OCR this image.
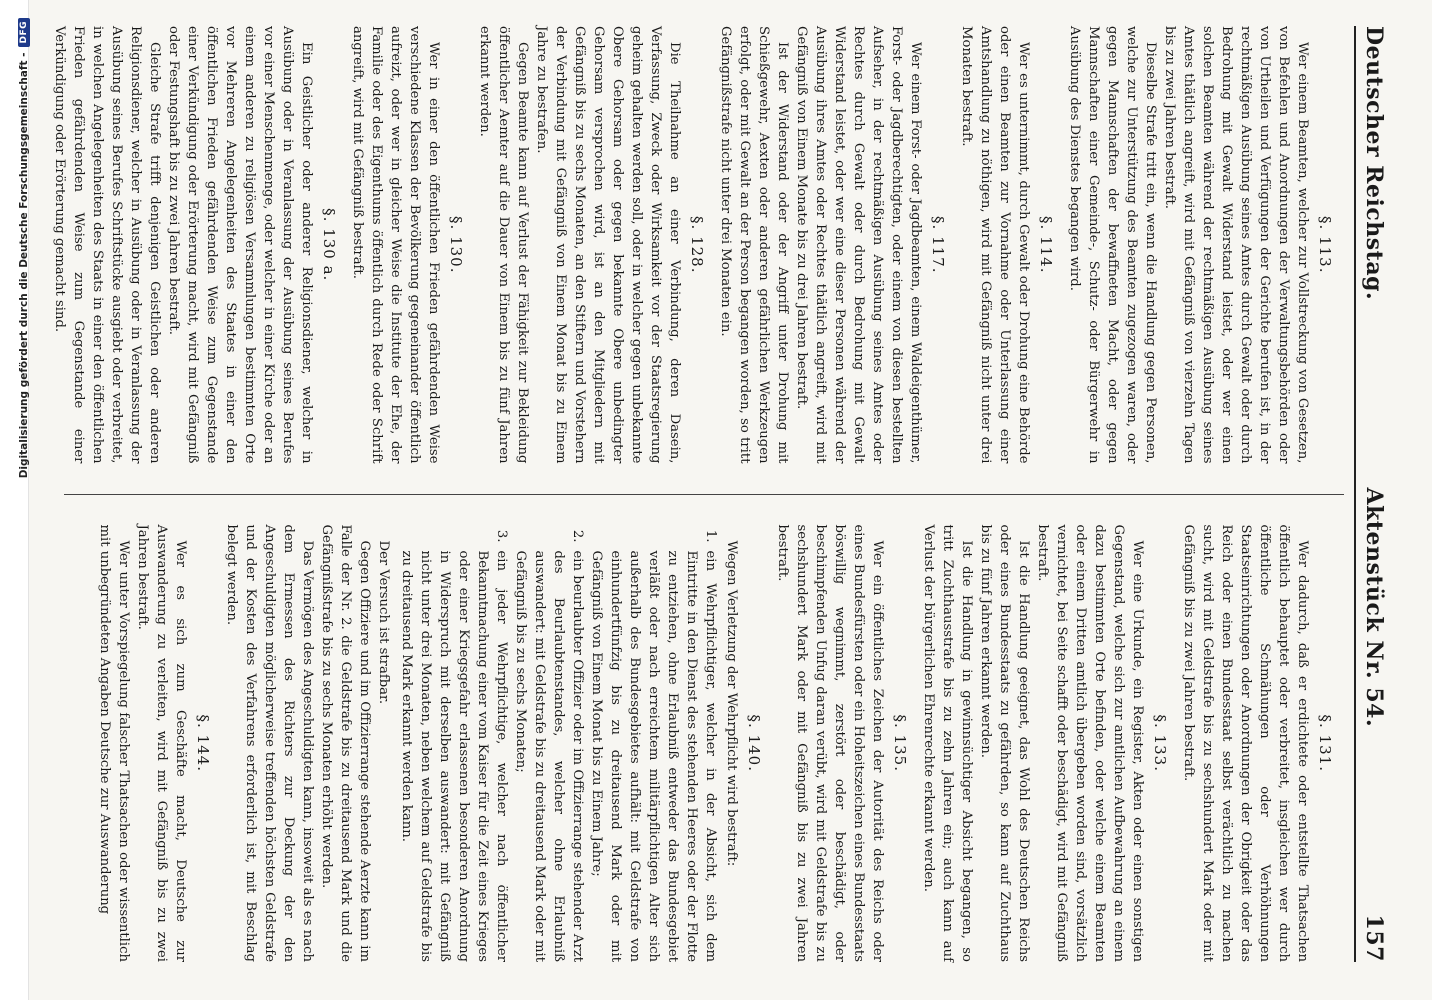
Digitalisierung gefördert durch die Deutsche Forschungsgemeinschaft -
DFG	Deutscher Reichstag.
Aktenstück Nr. 54.
157
§. 113.

Wer einem Beamten, welcher zur Vollstreckung von Gesetzen, von Befehlen und Anordnungen der Verwaltungsbehörden oder von Urtheilen und Verfügungen der Gerichte berufen ist, in der rechtmäßigen Ausübung seines Amtes durch Gewalt oder durch Bedrohung mit Gewalt Widerstand leistet, oder wer einen solchen Beamten während der rechtmäßigen Ausübung seines Amtes thätlich angreift, wird mit Gefängniß von vierzehn Tagen bis zu zwei Jahren bestraft.

Dieselbe Strafe tritt ein, wenn die Handlung gegen Personen, welche zur Unterstützung des Beamten zugezogen waren, oder gegen Mannschaften der bewaffneten Macht, oder gegen Mannschaften einer Gemeinde-, Schutz- oder Bürgerwehr in Ausübung des Dienstes begangen wird.

§. 114.

Wer es unternimmt, durch Gewalt oder Drohung eine Behörde oder einen Beamten zur Vornahme oder Unterlassung einer Amtshandlung zu nöthigen, wird mit Gefängniß nicht unter drei Monaten bestraft.

§. 117.

Wer einem Forst- oder Jagdbeamten, einem Waldeigenthümer, Forst- oder Jagdberechtigten, oder einem von diesen bestellten Aufseher, in der rechtmäßigen Ausübung seines Amtes oder Rechtes durch Gewalt oder durch Bedrohung mit Gewalt Widerstand leistet, oder wer eine dieser Personen während der Ausübung ihres Amtes oder Rechtes thätlich angreift, wird mit Gefängniß von Einem Monate bis zu drei Jahren bestraft.

Ist der Widerstand oder der Angriff unter Drohung mit Schießgewehr, Aexten oder anderen gefährlichen Werkzeugen erfolgt, oder mit Gewalt an der Person begangen worden, so tritt Gefängnißstrafe nicht unter drei Monaten ein.

§. 128.

Die Theilnahme an einer Verbindung, deren Dasein, Verfassung, Zweck oder Wirksamkeit vor der Staatsregierung geheim gehalten werden soll, oder in welcher gegen unbekannte Obere Gehorsam oder gegen bekannte Obere unbedingter Gehorsam versprochen wird, ist an den Mitgliedern mit Gefängniß bis zu sechs Monaten, an den Stiftern und Vorstehern der Verbindung mit Gefängniß von Einem Monat bis zu Einem Jahre zu bestrafen.

Gegen Beamte kann auf Verlust der Fähigkeit zur Bekleidung öffentlicher Aemter auf die Dauer von Einem bis zu fünf Jahren erkannt werden.

§. 130.

Wer in einer den öffentlichen Frieden gefährdenden Weise verschiedene Klassen der Bevölkerung gegeneinander öffentlich aufreizt, oder wer in gleicher Weise die Institute der Ehe, der Familie oder des Eigenthums öffentlich durch Rede oder Schrift angreift, wird mit Gefängniß bestraft.

§. 130 a.

Ein Geistlicher oder anderer Religionsdiener, welcher in Ausübung oder in Veranlassung der Ausübung seines Berufes vor einer Menschenmenge, oder welcher in einer Kirche oder an einem anderen zu religiösen Versammlungen bestimmten Orte vor Mehreren Angelegenheiten des Staates in einer den öffentlichen Frieden gefährdenden Weise zum Gegenstande einer Verkündigung oder Erörterung macht, wird mit Gefängniß oder Festungshaft bis zu zwei Jahren bestraft.

Gleiche Strafe trifft denjenigen Geistlichen oder anderen Religionsdiener, welcher in Ausübung oder in Veranlassung der Ausübung seines Berufes Schriftstücke ausgiebt oder verbreitet, in welchen Angelegenheiten des Staats in einer den öffentlichen Frieden gefährdenden Weise zum Gegenstande einer Verkündigung oder Erörterung gemacht sind.

§. 131.

Wer dadurch, daß er erdichtete oder entstellte Thatsachen öffentlich behauptet oder verbreitet, insgleichen wer durch öffentliche Schmähungen oder Verhöhnungen Staatseinrichtungen oder Anordnungen der Obrigkeit oder das Reich oder einen Bundesstaat selbst verächtlich zu machen sucht, wird mit Geldstrafe bis zu sechshundert Mark oder mit Gefängniß bis zu zwei Jahren bestraft.

§. 133.

Wer eine Urkunde, ein Register, Akten oder einen sonstigen Gegenstand, welche sich zur amtlichen Aufbewahrung an einem dazu bestimmten Orte befinden, oder welche einem Beamten oder einem Dritten amtlich übergeben worden sind, vorsätzlich vernichtet, bei Seite schafft oder beschädigt, wird mit Gefängniß bestraft.

Ist die Handlung geeignet, das Wohl des Deutschen Reichs oder eines Bundesstaats zu gefährden, so kann auf Zuchthaus bis zu fünf Jahren erkannt werden.

Ist die Handlung in gewinnsüchtiger Absicht begangen, so tritt Zuchthausstrafe bis zu zehn Jahren ein; auch kann auf Verlust der bürgerlichen Ehrenrechte erkannt werden.

§. 135.

Wer ein öffentliches Zeichen der Autorität des Reichs oder eines Bundesfürsten oder ein Hoheitszeichen eines Bundesstaats böswillig wegnimmt, zerstört oder beschädigt, oder beschimpfenden Unfug daran verübt, wird mit Geldstrafe bis zu sechshundert Mark oder mit Gefängniß bis zu zwei Jahren bestraft.

§. 140.

Wegen Verletzung der Wehrpflicht wird bestraft:

1.
ein Wehrpflichtiger, welcher in der Absicht, sich dem Eintritte in den Dienst des stehenden Heeres oder der Flotte zu entziehen, ohne Erlaubniß entweder das Bundesgebiet verläßt oder nach erreichtem militärpflichtigen Alter sich außerhalb des Bundesgebietes aufhält: mit Geldstrafe von einhundertfünfzig bis zu dreitausend Mark oder mit Gefängniß von Einem Monat bis zu Einem Jahre;
2.
ein beurlaubter Offizier oder im Offizierrange stehender Arzt des Beurlaubtenstandes, welcher ohne Erlaubniß auswandert: mit Geldstrafe bis zu dreitausend Mark oder mit Gefängniß bis zu sechs Monaten;
3.
ein jeder Wehrpflichtige, welcher nach öffentlicher Bekanntmachung einer vom Kaiser für die Zeit eines Krieges oder einer Kriegsgefahr erlassenen besonderen Anordnung in Widerspruch mit derselben auswandert: mit Gefängniß nicht unter drei Monaten, neben welchem auf Geldstrafe bis zu dreitausend Mark erkannt werden kann.

Der Versuch ist strafbar.

Gegen Offiziere und im Offizierrange stehende Aerzte kann im Falle der Nr. 2. die Geldstrafe bis zu dreitausend Mark und die Gefängnißstrafe bis zu sechs Monaten erhöht werden.

Das Vermögen des Angeschuldigten kann, insoweit als es nach dem Ermessen des Richters zur Deckung der den Angeschuldigten möglicherweise treffenden höchsten Geldstrafe und der Kosten des Verfahrens erforderlich ist, mit Beschlag belegt werden.

§. 144.

Wer es sich zum Geschäfte macht, Deutsche zur Auswanderung zu verleiten, wird mit Gefängniß bis zu zwei Jahren bestraft.

Wer unter Vorspiegelung falscher Thatsachen oder wissentlich mit unbegründeten Angaben Deutsche zur Auswanderung
